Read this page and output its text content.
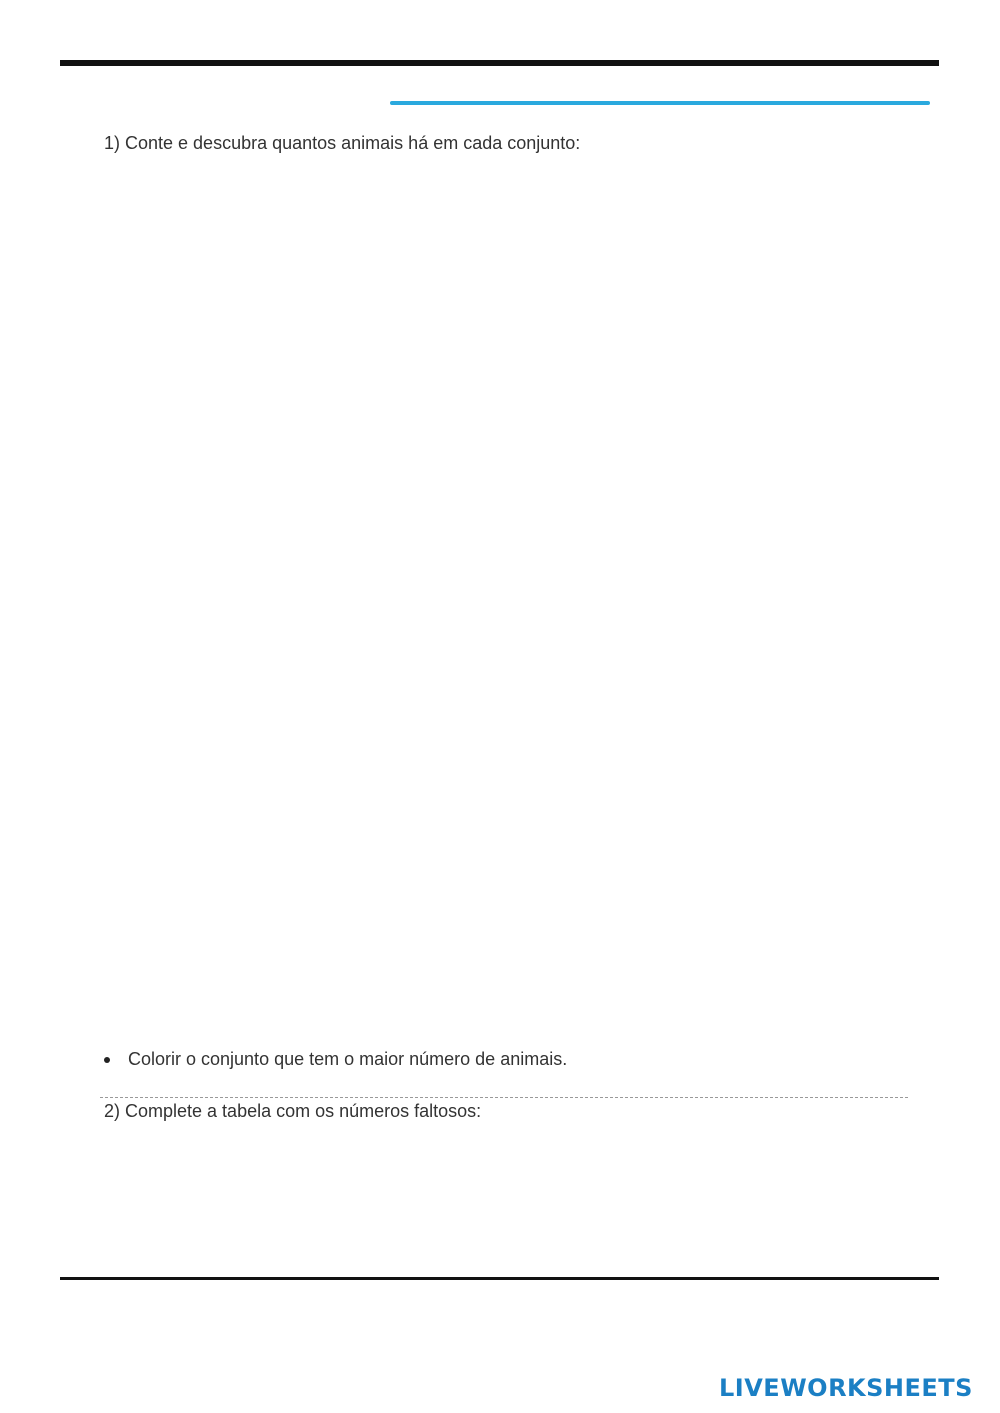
1) Conte e descubra quantos animais há em cada conjunto:
Colorir o conjunto que tem o maior número de animais.
2) Complete a tabela com os números faltosos:
LIVEWORKSHEETS
